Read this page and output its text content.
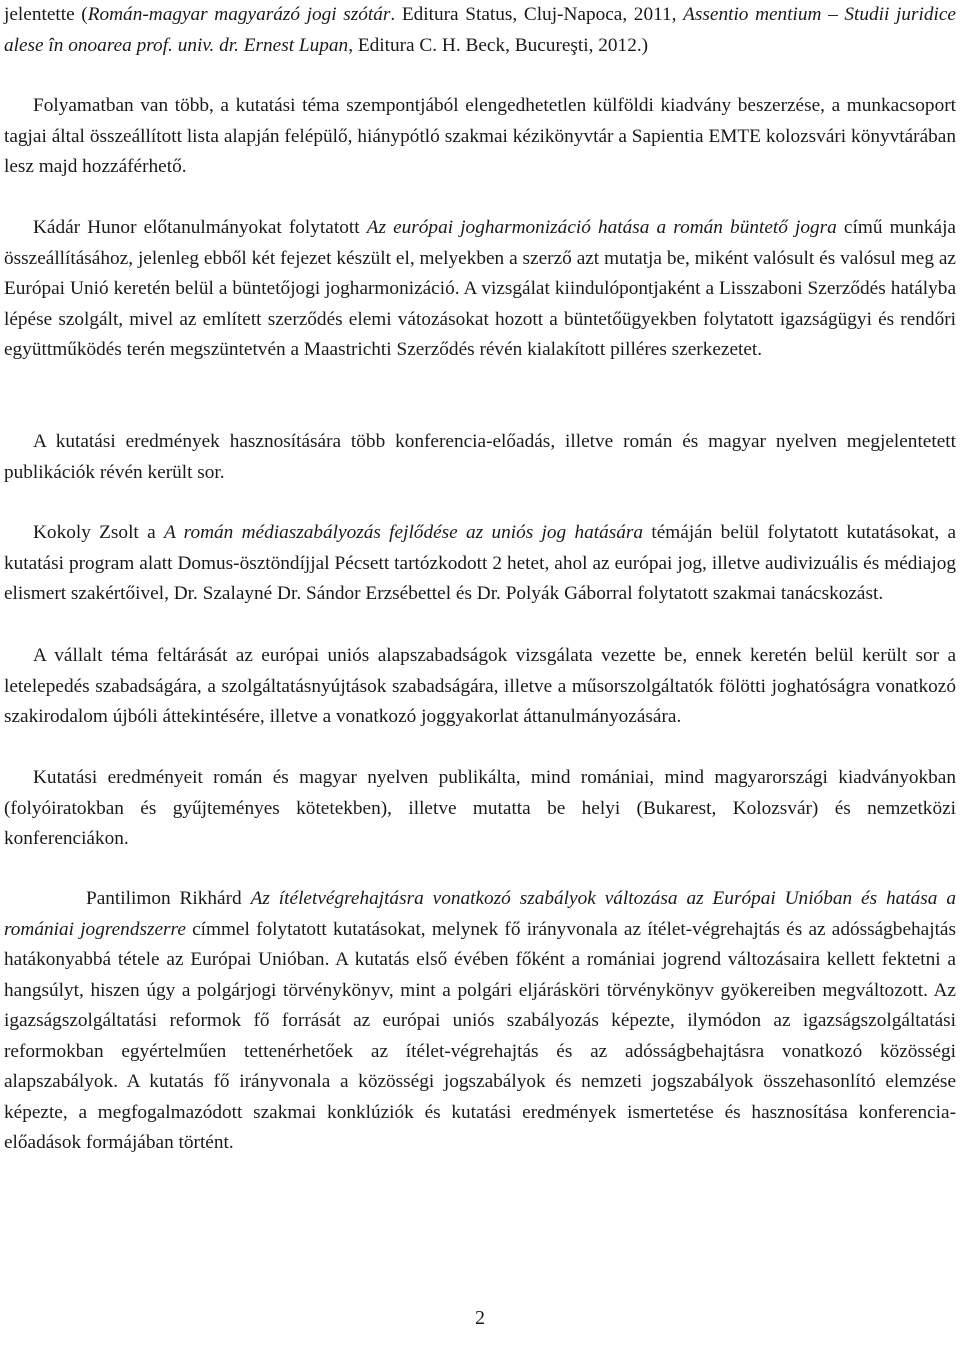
jelentette (Román-magyar magyarázó jogi szótár. Editura Status, Cluj-Napoca, 2011, Assentio mentium – Studii juridice alese în onoarea prof. univ. dr. Ernest Lupan, Editura C. H. Beck, Bucureşti, 2012.)

Folyamatban van több, a kutatási téma szempontjából elengedhetetlen külföldi kiadvány beszerzése, a munkacsoport tagjai által összeállított lista alapján felépülő, hiánypótló szakmai kézikönyvtár a Sapientia EMTE kolozsvári könyvtárában lesz majd hozzáférhető.

Kádár Hunor előtanulmányokat folytatott Az európai jogharmonizáció hatása a román büntető jogra című munkája összeállításához, jelenleg ebből két fejezet készült el, melyekben a szerző azt mutatja be, miként valósult és valósul meg az Európai Unió keretén belül a büntetőjogi jogharmonizáció. A vizsgálat kiindulópontjaként a Lisszaboni Szerződés hatályba lépése szolgált, mivel az említett szerződés elemi vátozásokat hozott a büntetőügyekben folytatott igazságügyi és rendőri együttműködés terén megszüntetvén a Maastrichti Szerződés révén kialakított pilléres szerkezetet.

A kutatási eredmények hasznosítására több konferencia-előadás, illetve román és magyar nyelven megjelentetett publikációk révén került sor.

Kokoly Zsolt a A román médiaszabályozás fejlődése az uniós jog hatására témáján belül folytatott kutatásokat, a kutatási program alatt Domus-ösztöndíjjal Pécsett tartózkodott 2 hetet, ahol az európai jog, illetve audivizuális és médiajog elismert szakértőivel, Dr. Szalayné Dr. Sándor Erzsébettel és Dr. Polyák Gáborral folytatott szakmai tanácskozást.

A vállalt téma feltárását az európai uniós alapszabadságok vizsgálata vezette be, ennek keretén belül került sor a letelepedés szabadságára, a szolgáltatásnyújtások szabadságára, illetve a műsorszolgáltatók fölötti joghatóságra vonatkozó szakirodalom újbóli áttekintésére, illetve a vonatkozó joggyakorlat áttanulmányozására.

Kutatási eredményeit román és magyar nyelven publikálta, mind romániai, mind magyarországi kiadványokban (folyóiratokban és gyűjteményes kötetekben), illetve mutatta be helyi (Bukarest, Kolozsvár) és nemzetközi konferenciákon.

Pantilimon Rikhárd Az ítéletvégrehajtásra vonatkozó szabályok változása az Európai Unióban és hatása a romániai jogrendszerre címmel folytatott kutatásokat, melynek fő irányvonala az ítélet-végrehajtás és az adósságbehajtás hatákonyabbá tétele az Európai Unióban. A kutatás első évében főként a romániai jogrend változásaira kellett fektetni a hangsúlyt, hiszen úgy a polgárjogi törvénykönyv, mint a polgári eljárásköri törvénykönyv gyökereiben megváltozott. Az igazságszolgáltatási reformok fő forrását az európai uniós szabályozás képezte, ilymódon az igazságszolgáltatási reformokban egyértelműen tettenérhetőek az ítélet-végrehajtás és az adósságbehajtásra vonatkozó közösségi alapszabályok. A kutatás fő irányvonala a közösségi jogszabályok és nemzeti jogszabályok összehasonlító elemzése képezte, a megfogalmazódott szakmai konklúziók és kutatási eredmények ismertetése és hasznosítása konferencia-előadások formájában történt.

2
